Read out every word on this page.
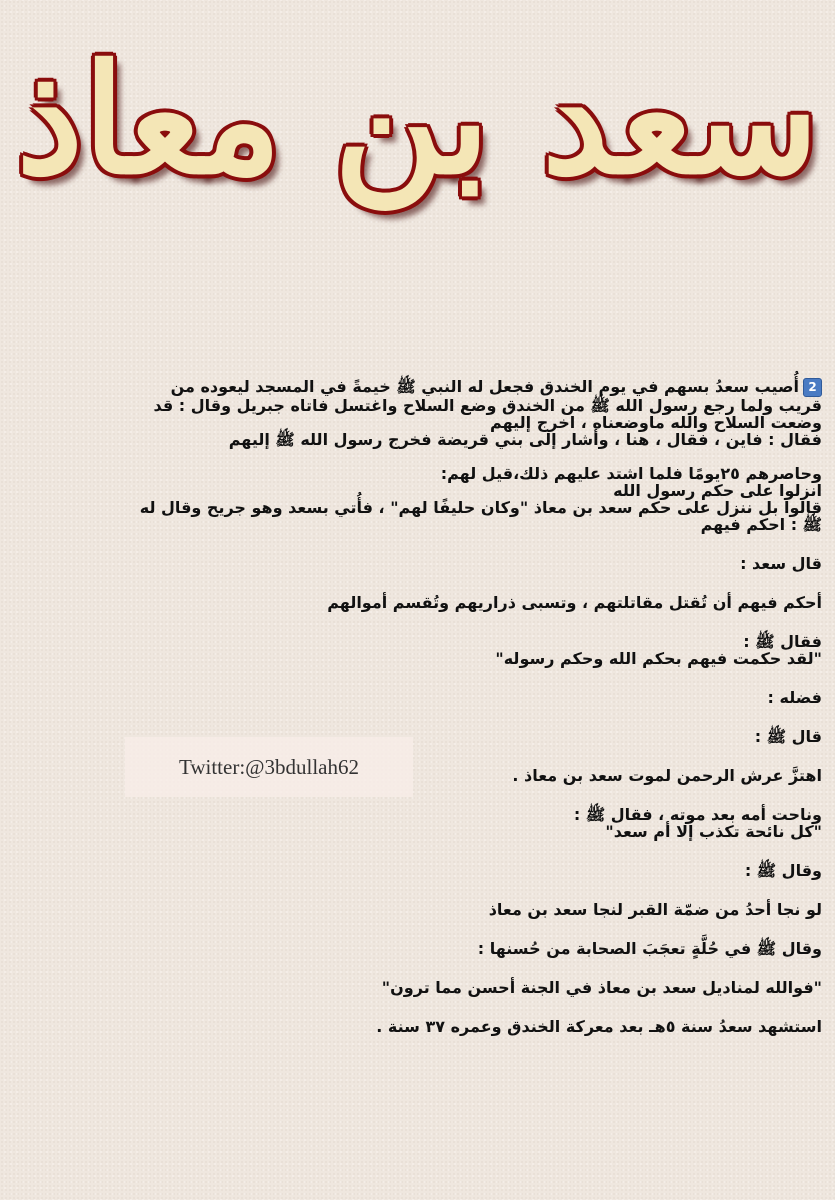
سعد بن معاذ

2أُصيب سعدُ بسهم في يوم الخندق فجعل له النبي ﷺ خيمةً في المسجد ليعوده من

قريب ولما رجع رسول الله ﷺ من الخندق وضع السلاح واغتسل فاتاه جبريل وقال : قد

وضعت السلاح والله ماوضعناه ، اخرج إليهم

فقال : فاين ، فقال ، هنا ، وأشار إلى بني قريضة فخرج رسول الله ﷺ إليهم

وحاصرهم ٢٥يومًا فلما اشتد عليهم ذلك،قيل لهم:

انزلوا على حكم رسول الله

قالوا بل ننزل على حكم سعد بن معاذ "وكان حليفًا لهم" ، فأُتي بسعد وهو جريح وقال له

ﷺ : احكم فيهم

قال سعد :

أحكم فيهم أن تُقتل مقاتلتهم ، وتسبى ذراريهم وتُقسم أموالهم

فقال ﷺ :

"لقد حكمت فيهم بحكم الله وحكم رسوله"

فضله :

قال ﷺ :

اهتزَّ عرش الرحمن لموت سعد بن معاذ .

وناحت أمه بعد موته ، فقال ﷺ :

"كل نائحة تكذب إلا أم سعد"

وقال ﷺ :

لو نجا أحدُ من ضمّة القبر لنجا سعد بن معاذ

وقال ﷺ في حُلَّةٍ تعجَبَ الصحابة من حُسنها :

"فوالله لمناديل سعد بن معاذ في الجنة أحسن مما ترون"

استشهد سعدُ سنة ٥هـ بعد معركة الخندق وعمره ٣٧ سنة .

Twitter:@3bdullah62
